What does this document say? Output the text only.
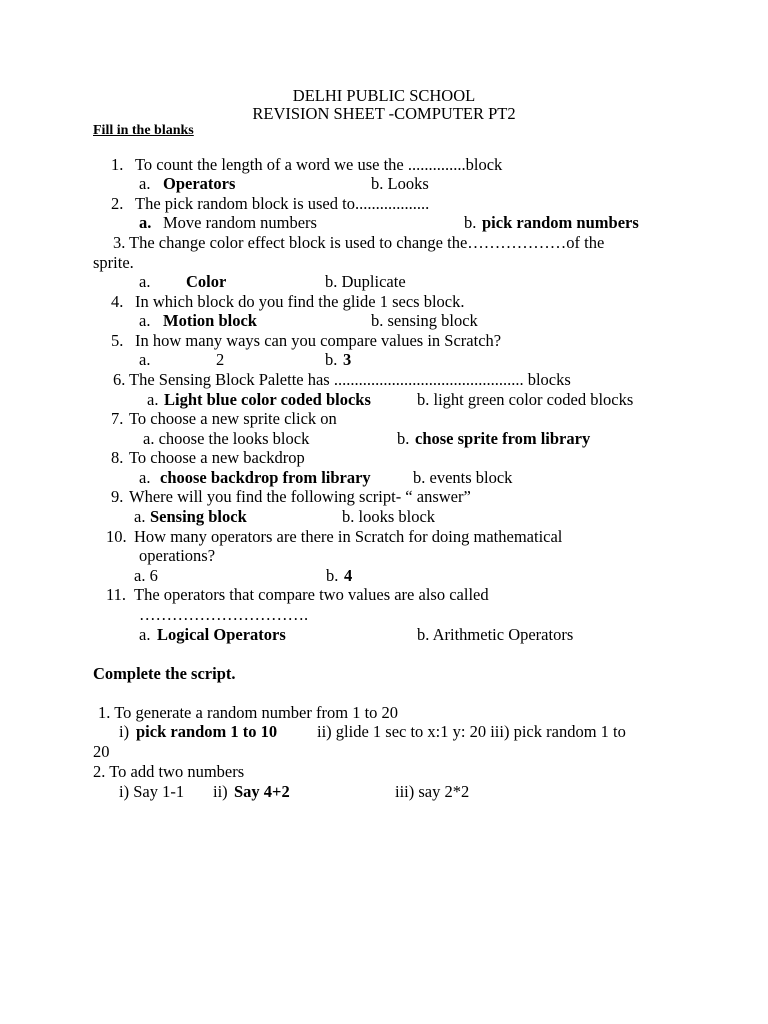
DELHI PUBLIC SCHOOL
REVISION SHEET -COMPUTER PT2
Fill in the blanks
1. To count the length of a word we use the ..............block
a. Operators	b. Looks
2. The pick random block is used to..................
a. Move random numbers	b. pick random numbers
3. The change color effect block is used to change the………………of the
sprite.
a. Color	b. Duplicate
4. In which block do you find the glide 1 secs block.
a. Motion block	b. sensing block
5. In how many ways can you compare values in Scratch?
a.	2	b. 3
6. The Sensing Block Palette has .............................................. blocks
a. Light blue color coded blocks	b. light green color coded blocks
7. To choose a new sprite click on
a. choose the looks block	b. chose sprite from library
8. To choose a new backdrop
a. choose backdrop from library	b. events block
9. Where will you find the following script- “ answer”
a. Sensing block	b. looks block
10. How many operators are there in Scratch for doing mathematical
operations?
a. 6	b. 4
11. The operators that compare two values are also called
………………………….
a. Logical Operators	b. Arithmetic Operators
Complete the script.
1. To generate a random number from 1 to 20
i) pick random 1 to 10 ii) glide 1 sec to x:1 y: 20 iii) pick random 1 to
20
2. To add two numbers
i) Say 1-1 ii) Say 4+2	iii) say 2*2
